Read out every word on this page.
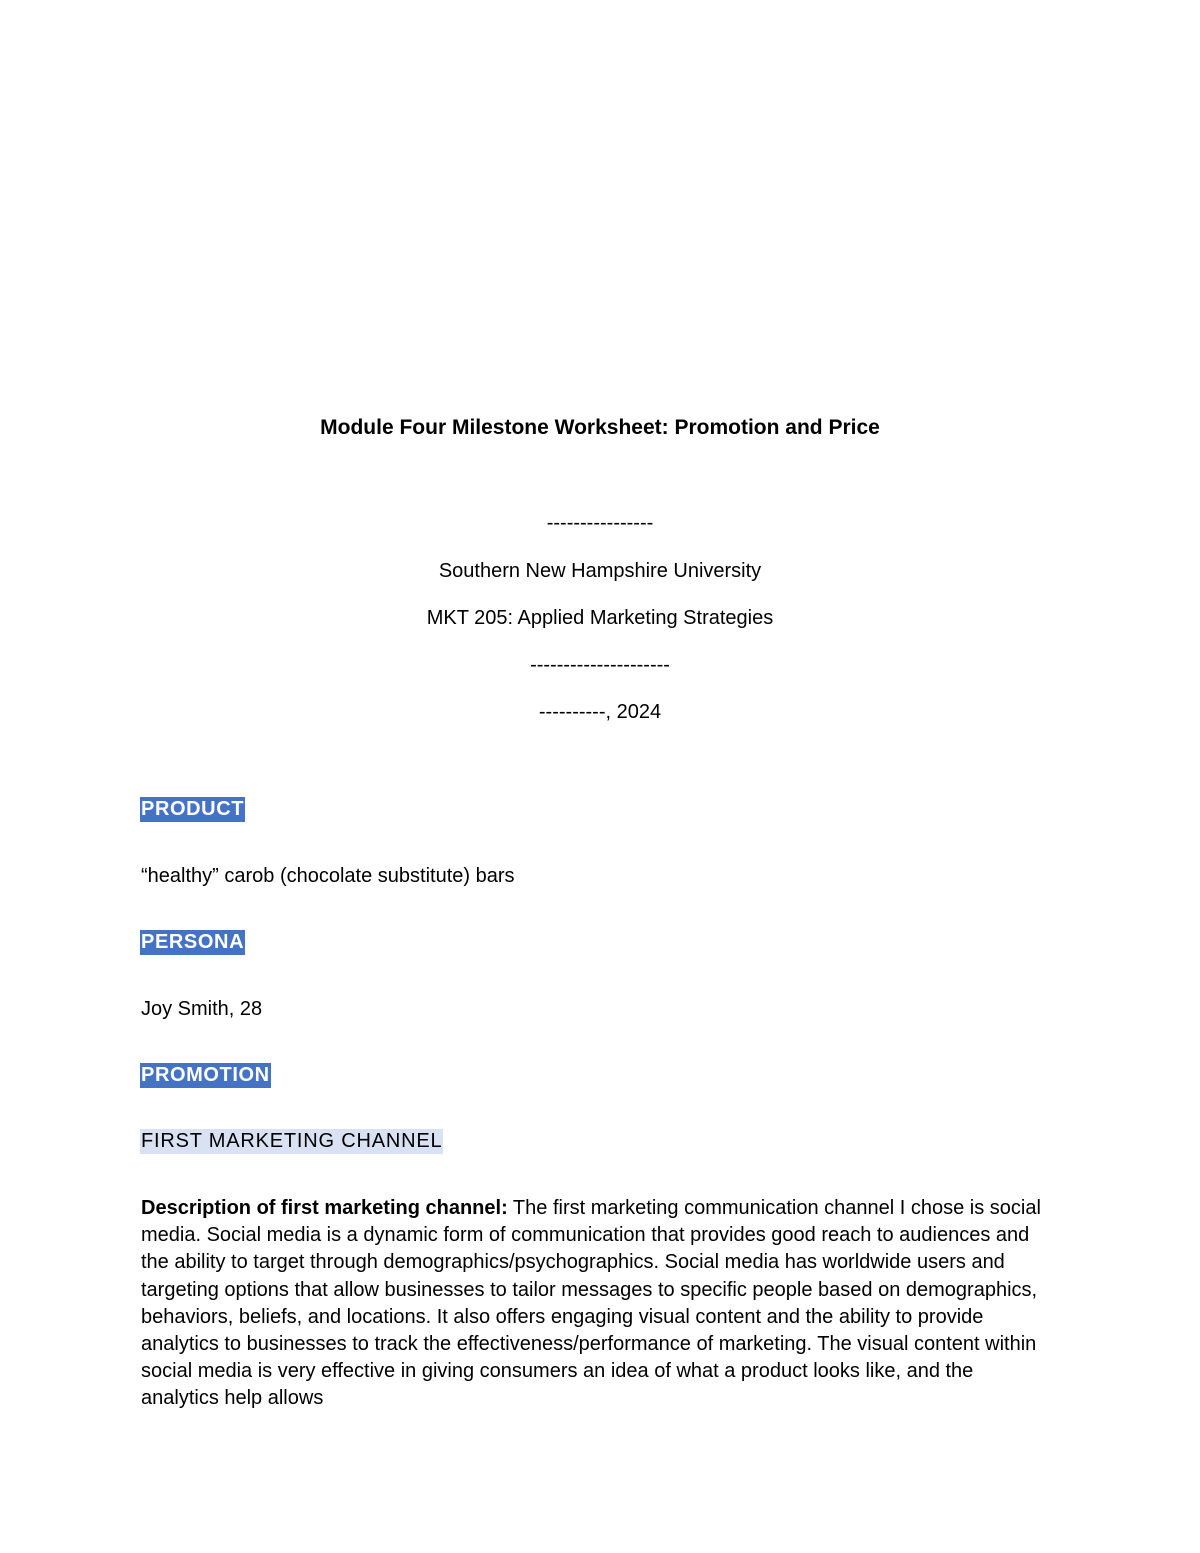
Module Four Milestone Worksheet: Promotion and Price
----------------
Southern New Hampshire University
MKT 205: Applied Marketing Strategies
---------------------
----------, 2024
PRODUCT
“healthy” carob (chocolate substitute) bars
PERSONA
Joy Smith, 28
PROMOTION
FIRST MARKETING CHANNEL
Description of first marketing channel: The first marketing communication channel I chose is social media. Social media is a dynamic form of communication that provides good reach to audiences and the ability to target through demographics/psychographics. Social media has worldwide users and targeting options that allow businesses to tailor messages to specific people based on demographics, behaviors, beliefs, and locations. It also offers engaging visual content and the ability to provide analytics to businesses to track the effectiveness/performance of marketing. The visual content within social media is very effective in giving consumers an idea of what a product looks like, and the analytics help allows
